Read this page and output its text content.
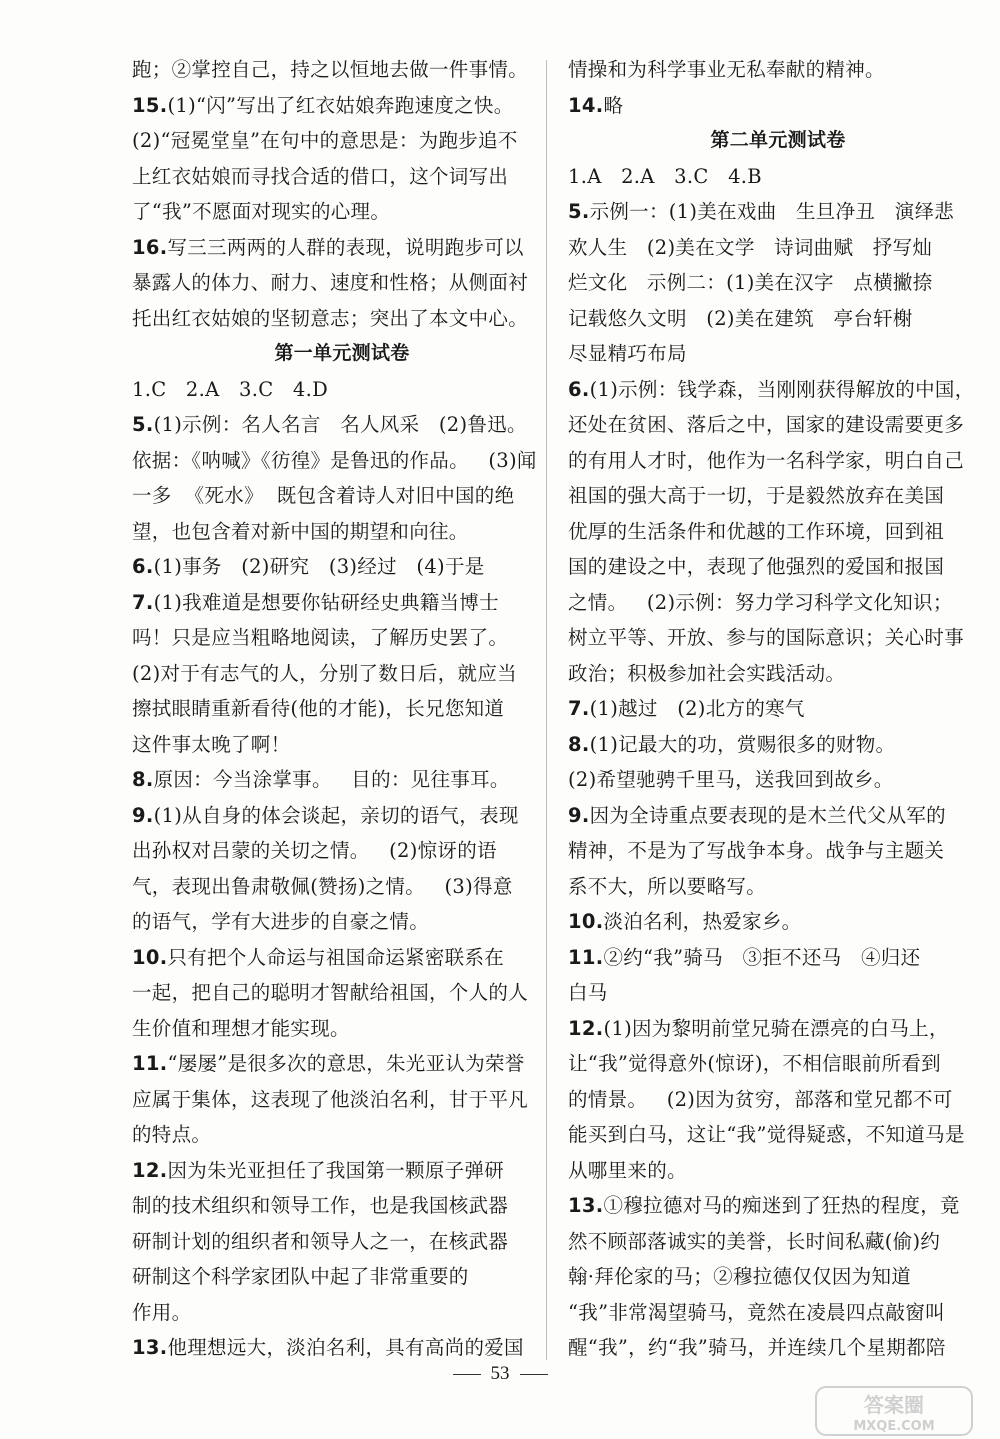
跑；②掌控自己，持之以恒地去做一件事情。
15.(1)“闪”写出了红衣姑娘奔跑速度之快。
(2)“冠冕堂皇”在句中的意思是：为跑步追不
上红衣姑娘而寻找合适的借口，这个词写出
了“我”不愿面对现实的心理。
16.写三三两两的人群的表现，说明跑步可以
暴露人的体力、耐力、速度和性格；从侧面衬
托出红衣姑娘的坚韧意志；突出了本文中心。
第一单元测试卷
1.C   2.A   3.C   4.D
5.(1)示例：名人名言   名人风采   (2)鲁迅。
依据：《呐喊》《彷徨》是鲁迅的作品。   (3)闻
一多  《死水》  既包含着诗人对旧中国的绝
望，也包含着对新中国的期望和向往。
6.(1)事务   (2)研究   (3)经过   (4)于是
7.(1)我难道是想要你钻研经史典籍当博士
吗！只是应当粗略地阅读，了解历史罢了。
(2)对于有志气的人，分别了数日后，就应当
擦拭眼睛重新看待(他的才能)，长兄您知道
这件事太晚了啊！
8.原因：今当涂掌事。   目的：见往事耳。
9.(1)从自身的体会谈起，亲切的语气，表现
出孙权对吕蒙的关切之情。   (2)惊讶的语
气，表现出鲁肃敬佩(赞扬)之情。   (3)得意
的语气，学有大进步的自豪之情。
10.只有把个人命运与祖国命运紧密联系在
一起，把自己的聪明才智献给祖国，个人的人
生价值和理想才能实现。
11.“屡屡”是很多次的意思，朱光亚认为荣誉
应属于集体，这表现了他淡泊名利，甘于平凡
的特点。
12.因为朱光亚担任了我国第一颗原子弹研
制的技术组织和领导工作，也是我国核武器
研制计划的组织者和领导人之一，在核武器
研制这个科学家团队中起了非常重要的
作用。
13.他理想远大，淡泊名利，具有高尚的爱国
情操和为科学事业无私奉献的精神。
14.略
第二单元测试卷
1.A   2.A   3.C   4.B
5.示例一：(1)美在戏曲   生旦净丑   演绎悲
欢人生   (2)美在文学   诗词曲赋   抒写灿
烂文化   示例二：(1)美在汉字   点横撇捺
记载悠久文明   (2)美在建筑   亭台轩榭
尽显精巧布局
6.(1)示例：钱学森，当刚刚获得解放的中国，
还处在贫困、落后之中，国家的建设需要更多
的有用人才时，他作为一名科学家，明白自己
祖国的强大高于一切，于是毅然放弃在美国
优厚的生活条件和优越的工作环境，回到祖
国的建设之中，表现了他强烈的爱国和报国
之情。   (2)示例：努力学习科学文化知识；
树立平等、开放、参与的国际意识；关心时事
政治；积极参加社会实践活动。
7.(1)越过   (2)北方的寒气
8.(1)记最大的功，赏赐很多的财物。
(2)希望驰骋千里马，送我回到故乡。
9.因为全诗重点要表现的是木兰代父从军的
精神，不是为了写战争本身。战争与主题关
系不大，所以要略写。
10.淡泊名利，热爱家乡。
11.②约“我”骑马   ③拒不还马   ④归还
白马
12.(1)因为黎明前堂兄骑在漂亮的白马上，
让“我”觉得意外(惊讶)，不相信眼前所看到
的情景。   (2)因为贫穷，部落和堂兄都不可
能买到白马，这让“我”觉得疑惑，不知道马是
从哪里来的。
13.①穆拉德对马的痴迷到了狂热的程度，竟
然不顾部落诚实的美誉，长时间私藏(偷)约
翰·拜伦家的马；②穆拉德仅仅因为知道
“我”非常渴望骑马，竟然在凌晨四点敲窗叫
醒“我”，约“我”骑马，并连续几个星期都陪
53
答案圈
MXQE.COM
